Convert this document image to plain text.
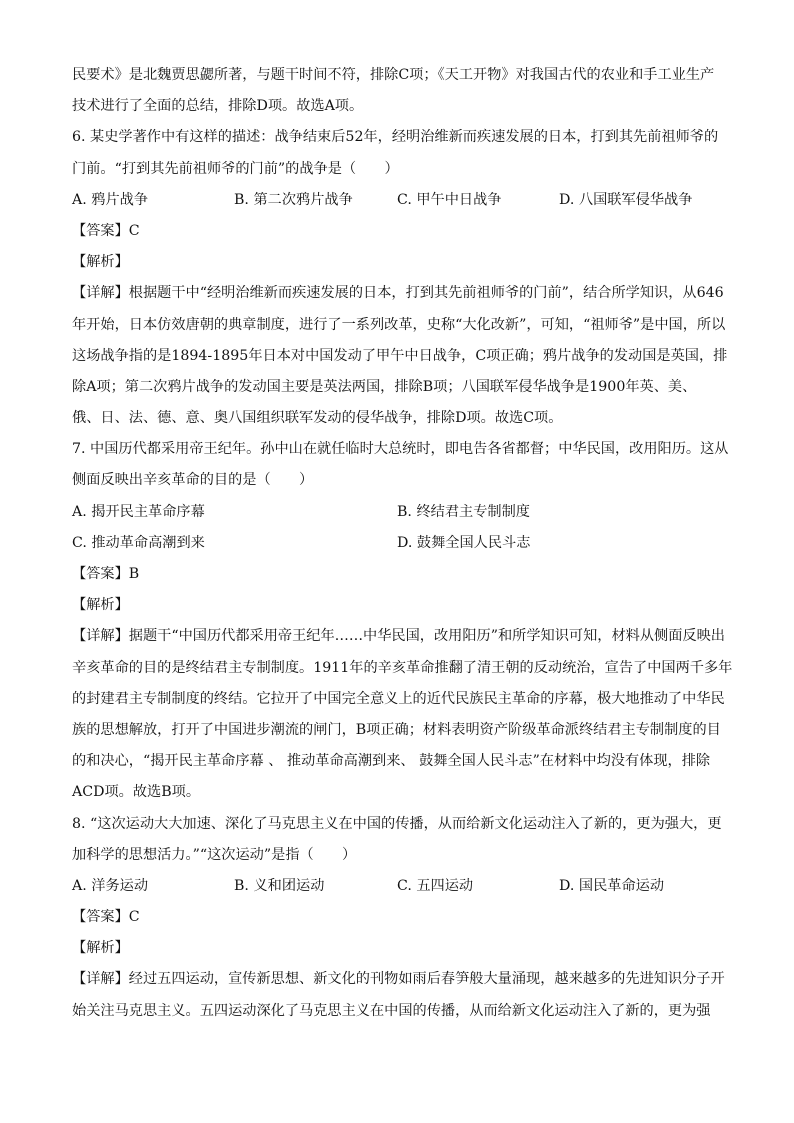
民要术》是北魏贾思勰所著，与题干时间不符，排除C项；《天工开物》对我国古代的农业和手工业生产
技术进行了全面的总结，排除D项。故选A项。
6. 某史学著作中有这样的描述：战争结束后52年，经明治维新而疾速发展的日本，打到其先前祖师爷的
门前。“打到其先前祖师爷的门前”的战争是（　　）
A. 鸦片战争	B. 第二次鸦片战争	C. 甲午中日战争	D. 八国联军侵华战争
【答案】C
【解析】
【详解】根据题干中“经明治维新而疾速发展的日本，打到其先前祖师爷的门前”，结合所学知识，从646
年开始，日本仿效唐朝的典章制度，进行了一系列改革，史称“大化改新”，可知，“祖师爷”是中国，所以
这场战争指的是1894-1895年日本对中国发动了甲午中日战争，C项正确；鸦片战争的发动国是英国，排
除A项；第二次鸦片战争的发动国主要是英法两国，排除B项；八国联军侵华战争是1900年英、美、
俄、日、法、德、意、奥八国组织联军发动的侵华战争，排除D项。故选C项。
7. 中国历代都采用帝王纪年。孙中山在就任临时大总统时，即电告各省都督；中华民国，改用阳历。这从
侧面反映出辛亥革命的目的是（　　）
A. 揭开民主革命序幕	B. 终结君主专制制度
C. 推动革命高潮到来	D. 鼓舞全国人民斗志
【答案】B
【解析】
【详解】据题干“中国历代都采用帝王纪年……中华民国，改用阳历”和所学知识可知，材料从侧面反映出
辛亥革命的目的是终结君主专制制度。1911年的辛亥革命推翻了清王朝的反动统治，宣告了中国两千多年
的封建君主专制制度的终结。它拉开了中国完全意义上的近代民族民主革命的序幕，极大地推动了中华民
族的思想解放，打开了中国进步潮流的闸门，B项正确；材料表明资产阶级革命派终结君主专制制度的目
的和决心，“揭开民主革命序幕 、 推动革命高潮到来、 鼓舞全国人民斗志”在材料中均没有体现，排除
ACD项。故选B项。
8. “这次运动大大加速、深化了马克思主义在中国的传播，从而给新文化运动注入了新的，更为强大，更
加科学的思想活力。”“这次运动”是指（　　）
A. 洋务运动	B. 义和团运动	C. 五四运动	D. 国民革命运动
【答案】C
【解析】
【详解】经过五四运动，宣传新思想、新文化的刊物如雨后春笋般大量涌现，越来越多的先进知识分子开
始关注马克思主义。五四运动深化了马克思主义在中国的传播，从而给新文化运动注入了新的，更为强
